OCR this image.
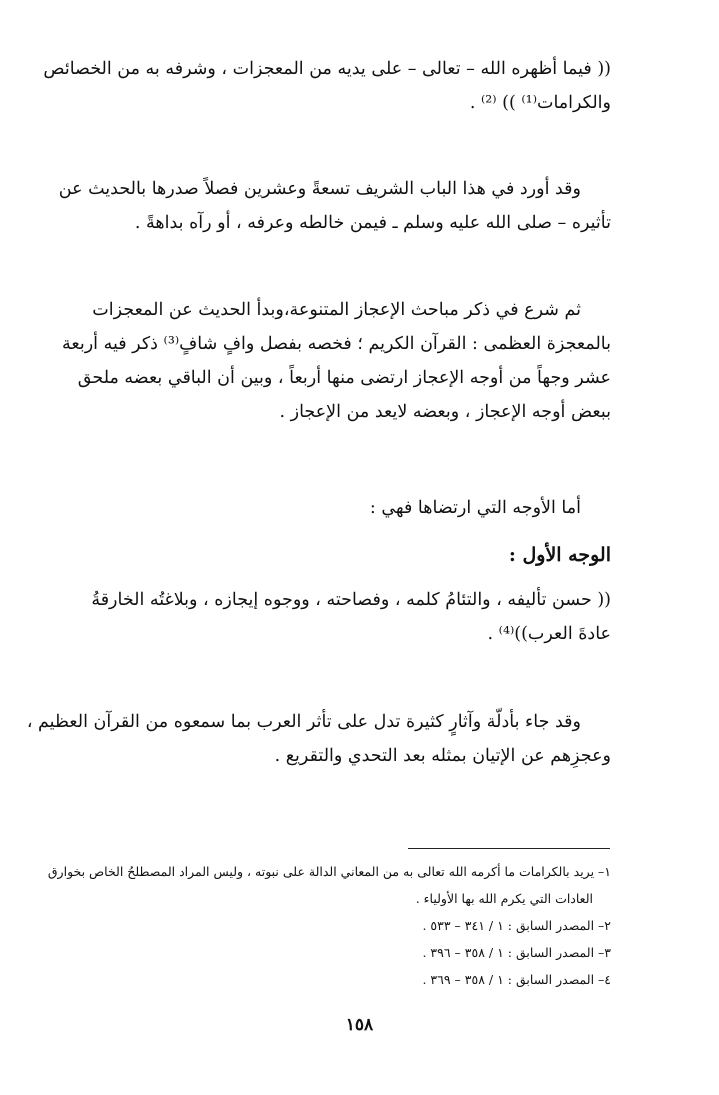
(( فيما أظهره الله – تعالى – على يديه من المعجزات ، وشرفه به من الخصائص
والكرامات⁽¹⁾ )) ⁽²⁾ .
وقد أورد في هذا الباب الشريف تسعةً وعشرين فصلاً صدرها بالحديث عن
تأثيره – صلى الله عليه وسلم ـ فيمن خالطه وعرفه ، أو رآه بداهةً .
ثم شرع في ذكر مباحث الإعجاز المتنوعة،وبدأ الحديث عن المعجزات
بالمعجزة العظمى : القرآن الكريم ؛ فخصه بفصل وافٍ شافٍ⁽³⁾ ذكر فيه أربعة
عشر وجهاً من أوجه الإعجاز ارتضى منها أربعاً ، وبين أن الباقي بعضه ملحق
ببعض أوجه الإعجاز ، وبعضه لايعد من الإعجاز .
أما الأوجه التي ارتضاها فهي :
الوجه الأول :
(( حسن تأليفه ، والتئامُ كلمه ، وفصاحته ، ووجوه إيجازه ، وبلاغتُه الخارقةُ
عادةَ العرب))⁽⁴⁾ .
وقد جاء بأدلّة وآثارٍ كثيرة تدل على تأثر العرب بما سمعوه من القرآن العظيم ،
وعجزِهم عن الإتيان بمثله بعد التحدي والتقريع .
١– يريد بالكرامات ما أكرمه الله تعالى به من المعاني الدالة على نبوته ، وليس المراد المصطلحُ الخاص بخوارق
العادات التي يكرم الله بها الأولياء .
٢– المصدر السابق : ١ / ٣٤١ – ٥٣٣ .
٣– المصدر السابق : ١ / ٣٥٨ – ٣٩٦ .
٤– المصدر السابق : ١ / ٣٥٨ – ٣٦٩ .
١٥٨
